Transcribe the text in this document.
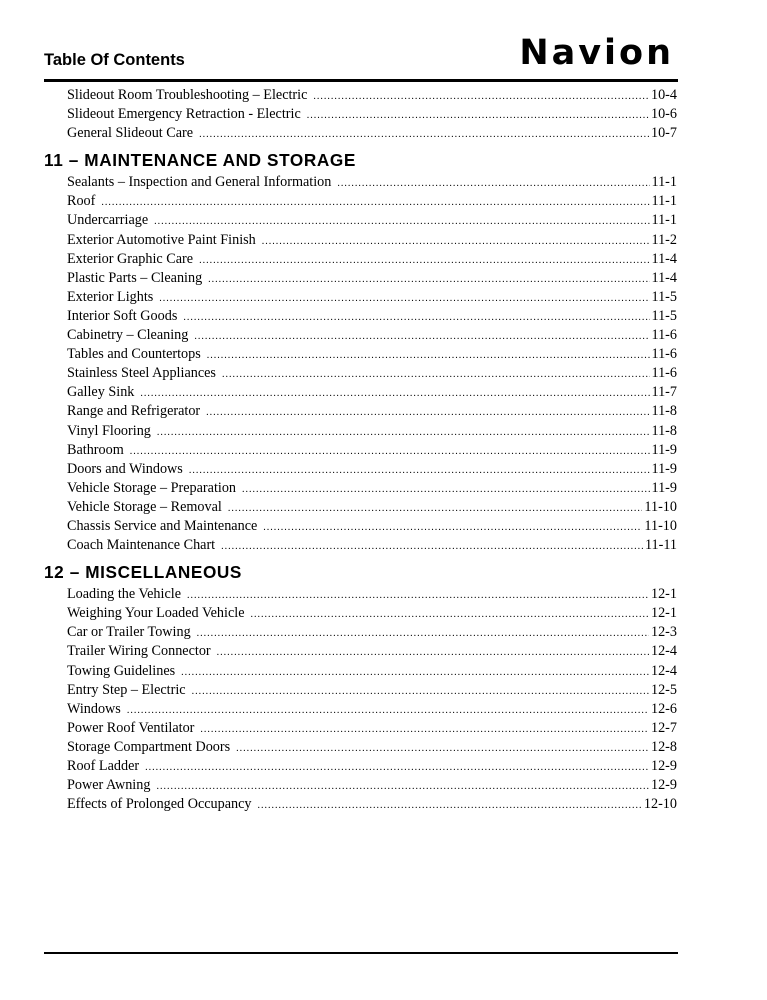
Table Of Contents	Navion
Slideout Room Troubleshooting – Electric .....	10-4
Slideout Emergency Retraction - Electric .....	10-6
General Slideout Care .....	10-7
11 – MAINTENANCE AND STORAGE
Sealants – Inspection and General Information .....	11-1
Roof .....	11-1
Undercarriage .....	11-1
Exterior Automotive Paint Finish .....	11-2
Exterior Graphic Care .....	11-4
Plastic Parts – Cleaning .....	11-4
Exterior Lights .....	11-5
Interior Soft Goods .....	11-5
Cabinetry – Cleaning .....	11-6
Tables and Countertops .....	11-6
Stainless Steel Appliances .....	11-6
Galley Sink .....	11-7
Range and Refrigerator .....	11-8
Vinyl Flooring .....	11-8
Bathroom .....	11-9
Doors and Windows .....	11-9
Vehicle Storage – Preparation .....	11-9
Vehicle Storage – Removal .....	11-10
Chassis Service and Maintenance .....	11-10
Coach Maintenance Chart .....	11-11
12 – MISCELLANEOUS
Loading the Vehicle .....	12-1
Weighing Your Loaded Vehicle .....	12-1
Car or Trailer Towing .....	12-3
Trailer Wiring Connector .....	12-4
Towing Guidelines .....	12-4
Entry Step – Electric .....	12-5
Windows .....	12-6
Power Roof Ventilator .....	12-7
Storage Compartment Doors .....	12-8
Roof Ladder .....	12-9
Power Awning .....	12-9
Effects of Prolonged Occupancy .....	12-10
